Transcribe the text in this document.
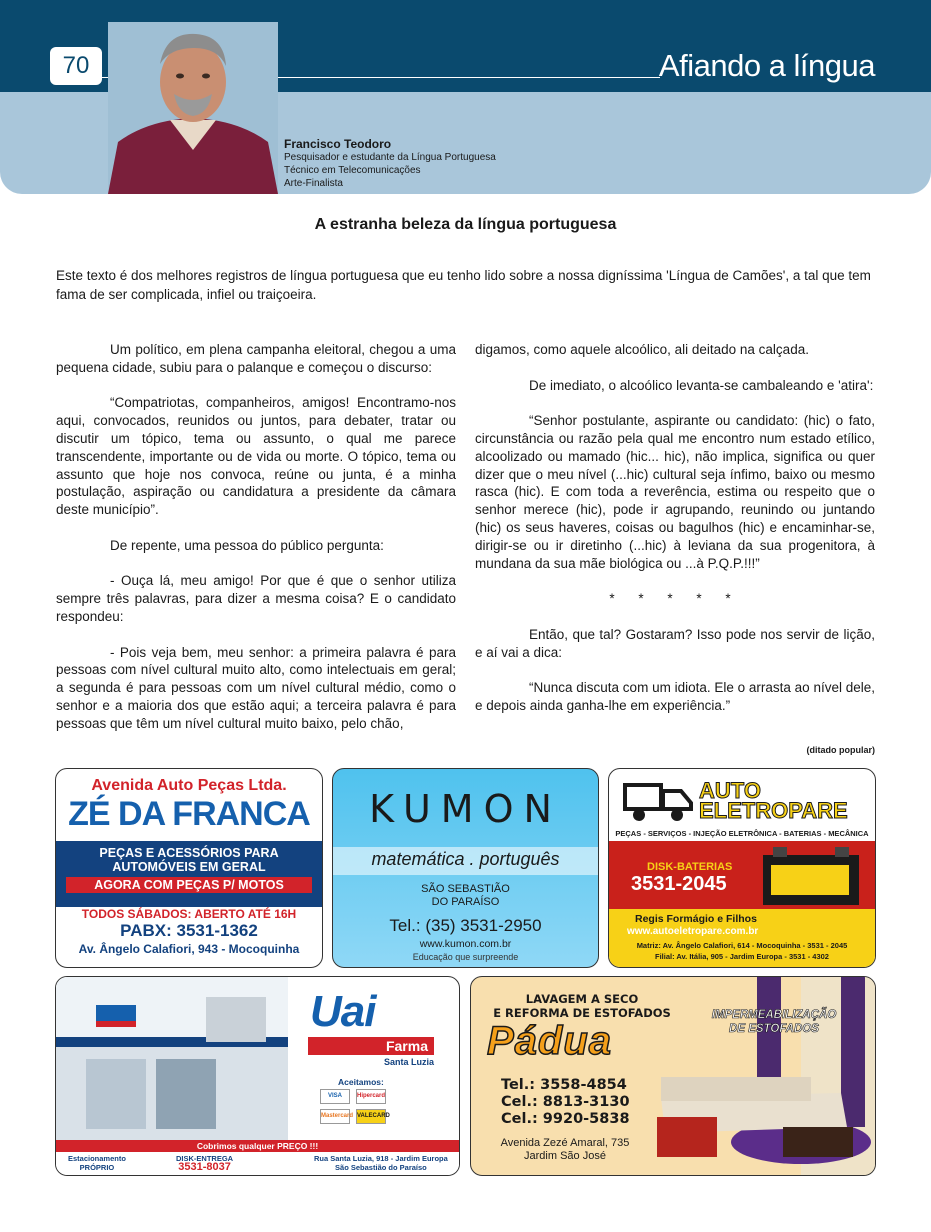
70	Afiando a língua
Francisco Teodoro
Pesquisador e estudante da Língua Portuguesa
Técnico em Telecomunicações
Arte-Finalista
A estranha beleza da língua portuguesa
Este texto é dos melhores registros de língua portuguesa que eu tenho lido sobre a nossa digníssima 'Língua de Camões', a tal que tem fama de ser complicada, infiel ou traiçoeira.

Um político, em plena campanha eleitoral, chegou a uma pequena cidade, subiu para o palanque e começou o discurso:

“Compatriotas, companheiros, amigos! Encontramo-nos aqui, convocados, reunidos ou juntos, para debater, tratar ou discutir um tópico, tema ou assunto, o qual me parece transcendente, importante ou de vida ou morte. O tópico, tema ou assunto que hoje nos convoca, reúne ou junta, é a minha postulação, aspiração ou candidatura a presidente da câmara deste município”.

De repente, uma pessoa do público pergunta:

- Ouça lá, meu amigo! Por que é que o senhor utiliza sempre três palavras, para dizer a mesma coisa? E o candidato respondeu:

- Pois veja bem, meu senhor: a primeira palavra é para pessoas com nível cultural muito alto, como intelectuais em geral; a segunda é para pessoas com um nível cultural médio, como o senhor e a maioria dos que estão aqui; a terceira palavra é para pessoas que têm um nível cultural muito baixo, pelo chão,

digamos, como aquele alcoólico, ali deitado na calçada.

De imediato, o alcoólico levanta-se cambaleando e 'atira':

“Senhor postulante, aspirante ou candidato: (hic) o fato, circunstância ou razão pela qual me encontro num estado etílico, alcoolizado ou mamado (hic... hic), não implica, significa ou quer dizer que o meu nível (...hic) cultural seja ínfimo, baixo ou mesmo rasca (hic). E com toda a reverência, estima ou respeito que o senhor merece (hic), pode ir agrupando, reunindo ou juntando (hic) os seus haveres, coisas ou bagulhos (hic) e encaminhar-se, dirigir-se ou ir diretinho (...hic) à leviana da sua progenitora, à mundana da sua mãe biológica ou ...à P.Q.P.!!!”

* * * * *

Então, que tal? Gostaram? Isso pode nos servir de lição, e aí vai a dica:

“Nunca discuta com um idiota. Ele o arrasta ao nível dele, e depois ainda ganha-lhe em experiência.”

(ditado popular)
Avenida Auto Peças Ltda.
ZÉ DA FRANCA
PEÇAS E ACESSÓRIOS PARA
AUTOMÓVEIS EM GERAL
AGORA COM PEÇAS P/ MOTOS
TODOS SÁBADOS: ABERTO ATÉ 16H
PABX: 3531-1362
Av. Ângelo Calafiori, 943 - Mocoquinha
KUMON
matemática . português
SÃO SEBASTIÃO
DO PARAÍSO
Tel.: (35) 3531-2950
www.kumon.com.br
Educação que surpreende
AUTO
ELETROPARE
PEÇAS - SERVIÇOS - INJEÇÃO ELETRÔNICA - BATERIAS - MECÂNICA
DISK-BATERIAS
3531-2045
Regis Formágio e Filhos
www.autoeletropare.com.br
Matriz: Av. Ângelo Calafiori, 614 - Mocoquinha - 3531 - 2045
Filial: Av. Itália, 905 - Jardim Europa - 3531 - 4302
Uai
Farma
Santa Luzia
Aceitamos:
VISA	Hipercard
Mastercard VALECARD
Cobrimos qualquer PREÇO !!!
Estacionamento
PRÓPRIO
DISK-ENTREGA
3531-8037
Rua Santa Luzia, 918 - Jardim Europa
São Sebastião do Paraíso
LAVAGEM A SECO
E REFORMA DE ESTOFADOS
Pádua
IMPERMEABILIZAÇÃO
DE ESTOFADOS
Tel.: 3558-4854
Cel.: 8813-3130
Cel.: 9920-5838
Avenida Zezé Amaral, 735
Jardim São José
